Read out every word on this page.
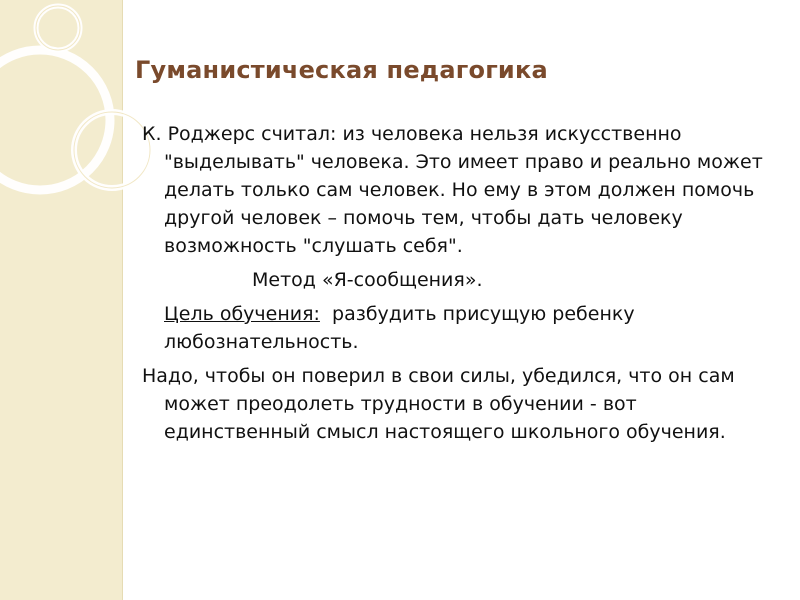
Гуманистическая педагогика

К. Роджерс считал: из человека нельзя искусственно "выделывать" человека. Это имеет право и реально может делать только сам человек. Но ему в этом должен помочь другой человек – помочь тем, чтобы дать человеку возможность "слушать себя".

Метод «Я-сообщения».

Цель обучения: разбудить присущую ребенку любознательность.

Надо, чтобы он поверил в свои силы, убедился, что он сам может преодолеть трудности в обучении - вот единственный смысл настоящего школьного обучения.
